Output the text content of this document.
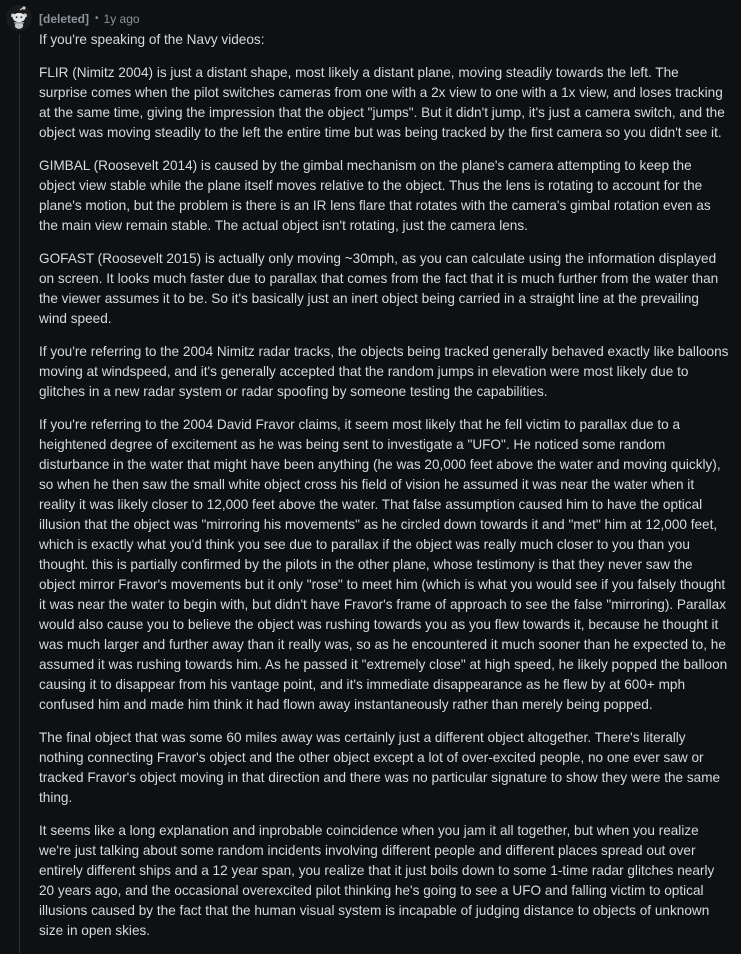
[deleted] • 1y ago

If you're speaking of the Navy videos:

FLIR (Nimitz 2004) is just a distant shape, most likely a distant plane, moving steadily towards the left. The surprise comes when the pilot switches cameras from one with a 2x view to one with a 1x view, and loses tracking at the same time, giving the impression that the object "jumps". But it didn't jump, it's just a camera switch, and the object was moving steadily to the left the entire time but was being tracked by the first camera so you didn't see it.

GIMBAL (Roosevelt 2014) is caused by the gimbal mechanism on the plane's camera attempting to keep the object view stable while the plane itself moves relative to the object. Thus the lens is rotating to account for the plane's motion, but the problem is there is an IR lens flare that rotates with the camera's gimbal rotation even as the main view remain stable. The actual object isn't rotating, just the camera lens.

GOFAST (Roosevelt 2015) is actually only moving ~30mph, as you can calculate using the information displayed on screen. It looks much faster due to parallax that comes from the fact that it is much further from the water than the viewer assumes it to be. So it's basically just an inert object being carried in a straight line at the prevailing wind speed.

If you're referring to the 2004 Nimitz radar tracks, the objects being tracked generally behaved exactly like balloons moving at windspeed, and it's generally accepted that the random jumps in elevation were most likely due to glitches in a new radar system or radar spoofing by someone testing the capabilities.

If you're referring to the 2004 David Fravor claims, it seem most likely that he fell victim to parallax due to a heightened degree of excitement as he was being sent to investigate a "UFO". He noticed some random disturbance in the water that might have been anything (he was 20,000 feet above the water and moving quickly), so when he then saw the small white object cross his field of vision he assumed it was near the water when it reality it was likely closer to 12,000 feet above the water. That false assumption caused him to have the optical illusion that the object was "mirroring his movements" as he circled down towards it and "met" him at 12,000 feet, which is exactly what you'd think you see due to parallax if the object was really much closer to you than you thought. this is partially confirmed by the pilots in the other plane, whose testimony is that they never saw the object mirror Fravor's movements but it only "rose" to meet him (which is what you would see if you falsely thought it was near the water to begin with, but didn't have Fravor's frame of approach to see the false "mirroring). Parallax would also cause you to believe the object was rushing towards you as you flew towards it, because he thought it was much larger and further away than it really was, so as he encountered it much sooner than he expected to, he assumed it was rushing towards him. As he passed it "extremely close" at high speed, he likely popped the balloon causing it to disappear from his vantage point, and it's immediate disappearance as he flew by at 600+ mph confused him and made him think it had flown away instantaneously rather than merely being popped.

The final object that was some 60 miles away was certainly just a different object altogether. There's literally nothing connecting Fravor's object and the other object except a lot of over-excited people, no one ever saw or tracked Fravor's object moving in that direction and there was no particular signature to show they were the same thing.

It seems like a long explanation and inprobable coincidence when you jam it all together, but when you realize we're just talking about some random incidents involving different people and different places spread out over entirely different ships and a 12 year span, you realize that it just boils down to some 1-time radar glitches nearly 20 years ago, and the occasional overexcited pilot thinking he's going to see a UFO and falling victim to optical illusions caused by the fact that the human visual system is incapable of judging distance to objects of unknown size in open skies.
